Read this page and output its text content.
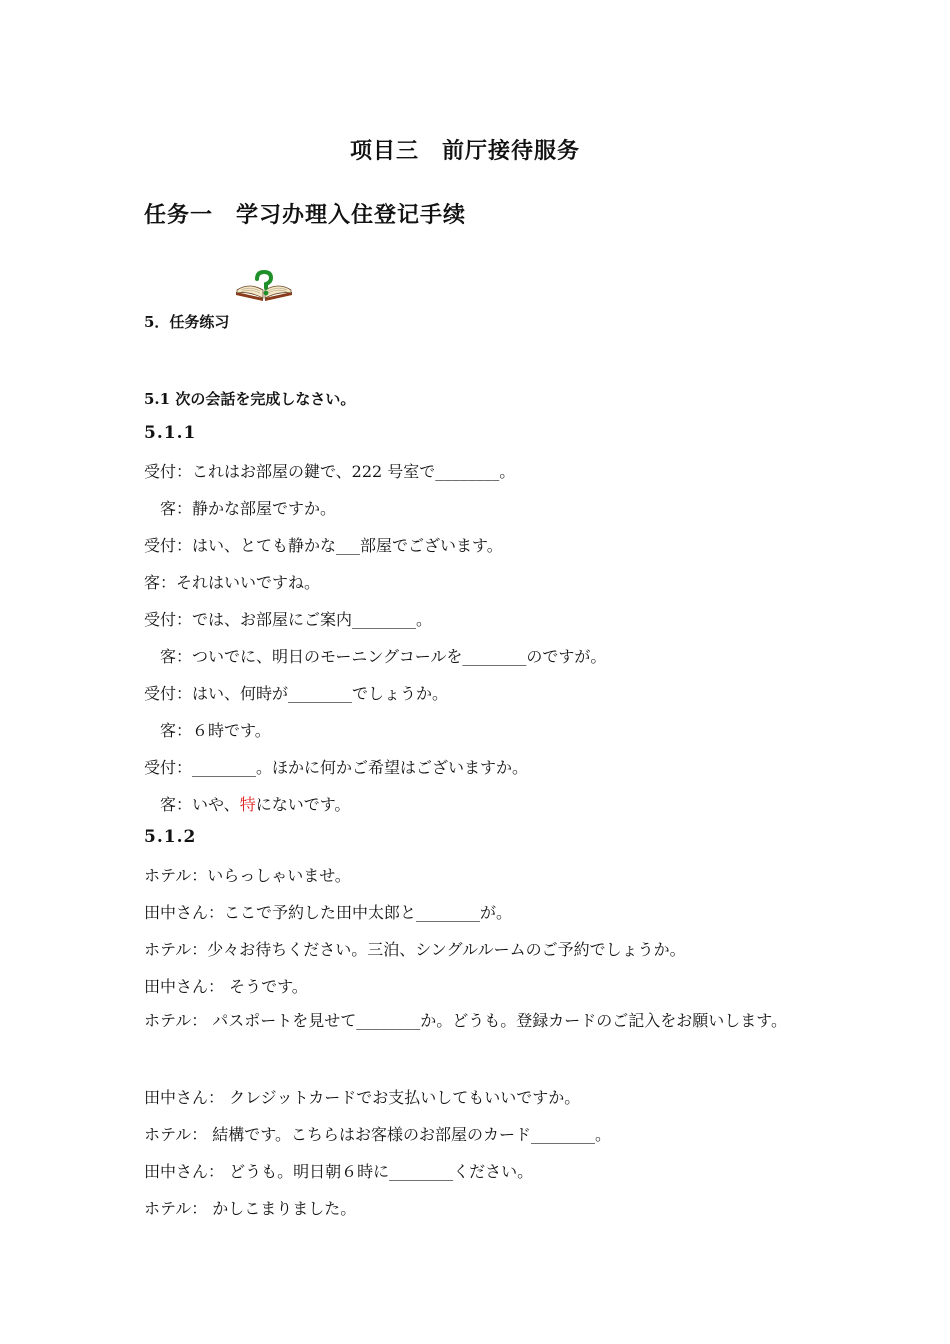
项目三　前厅接待服务
任务一　学习办理入住登记手续
5．任务练习
5.1 次の会話を完成しなさい。
5.1.1
受付：これはお部屋の鍵で、222 号室で________。
　客：静かな部屋ですか。
受付：はい、とても静かな___部屋でございます。
客：それはいいですね。
受付：では、お部屋にご案内________。
　客：ついでに、明日のモーニングコールを________のですが。
受付：はい、何時が________でしょうか。
　客：６時です。
受付：________。ほかに何かご希望はございますか。
　客：いや、特にないです。
5.1.2
ホテル：いらっしゃいませ。
田中さん：ここで予約した田中太郎と________が。
ホテル：少々お待ちください。三泊、シングルルームのご予約でしょうか。
田中さん： そうです。
ホテル： パスポートを見せて________か。どうも。登録カードのご記入をお願いします。
田中さん： クレジットカードでお支払いしてもいいですか。
ホテル： 結構です。こちらはお客様のお部屋のカード________。
田中さん： どうも。明日朝６時に________ください。
ホテル： かしこまりました。
